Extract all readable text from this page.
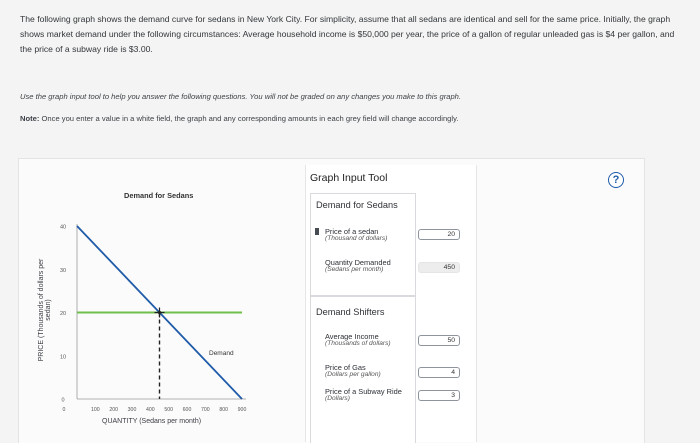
The following graph shows the demand curve for sedans in New York City. For simplicity, assume that all sedans are identical and sell for the same price. Initially, the graph shows market demand under the following circumstances: Average household income is $50,000 per year, the price of a gallon of regular unleaded gas is $4 per gallon, and the price of a subway ride is $3.00.
Use the graph input tool to help you answer the following questions. You will not be graded on any changes you make to this graph.
Note: Once you enter a value in a white field, the graph and any corresponding amounts in each grey field will change accordingly.
?
Demand for Sedans
PRICE (Thousands of dollars per sedan)
QUANTITY (Sedans per month)
0
10
20
30
40
0	100 200 300 400 500 600 700 800 900
Demand
Graph Input Tool
Demand for Sedans
Price of a sedan
(Thousand of dollars)
20
Quantity Demanded
(Sedans per month)	450
Demand Shifters
Average Income
(Thousands of dollars)	50
Price of Gas
(Dollars per gallon)	4
Price of a Subway Ride
(Dollars)	3
